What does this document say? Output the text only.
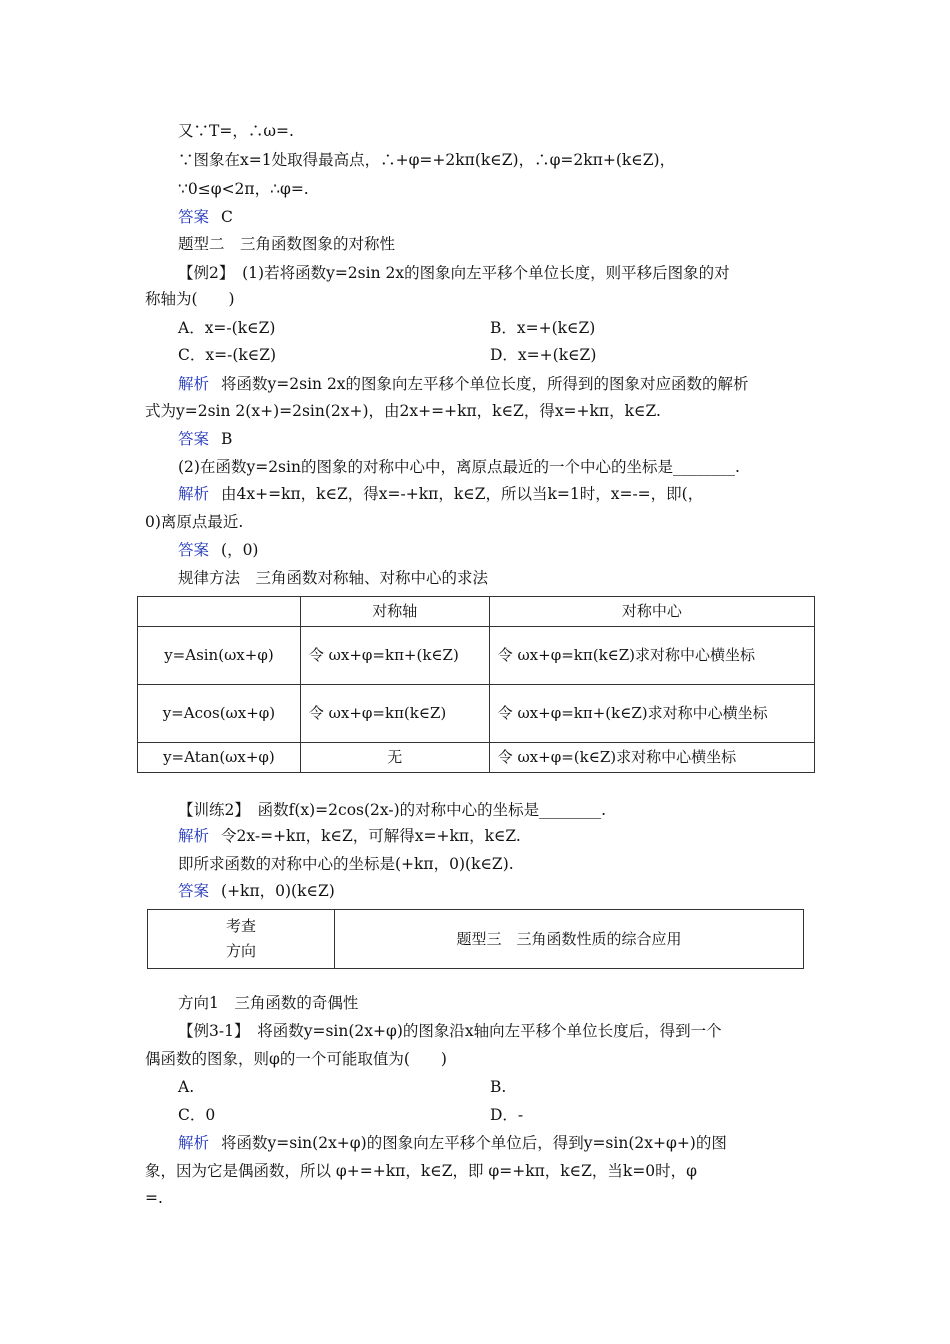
又∵T=，∴ω=.
∵图象在x=1处取得最高点，∴+φ=+2kπ(k∈Z)，∴φ=2kπ+(k∈Z)，
∵0≤φ<2π，∴φ=.
答案 C
题型二　三角函数图象的对称性
【例2】　(1)若将函数y=2sin 2x的图象向左平移个单位长度，则平移后图象的对
称轴为(　　)
A．x=-(k∈Z)	B．x=+(k∈Z)
C．x=-(k∈Z)	D．x=+(k∈Z)
解析 将函数y=2sin 2x的图象向左平移个单位长度，所得到的图象对应函数的解析
式为y=2sin 2(x+)=2sin(2x+)，由2x+=+kπ，k∈Z，得x=+kπ，k∈Z.
答案 B
(2)在函数y=2sin的图象的对称中心中，离原点最近的一个中心的坐标是________.
解析 由4x+=kπ，k∈Z，得x=-+kπ，k∈Z，所以当k=1时，x=-=，即(，
0)离原点最近.
答案 (，0)
规律方法　三角函数对称轴、对称中心的求法
	对称轴	对称中心
y=Asin(ωx+φ)	令 ωx+φ=kπ+(k∈Z)	令 ωx+φ=kπ(k∈Z)求对称中心横坐标
y=Acos(ωx+φ)	令 ωx+φ=kπ(k∈Z)	令 ωx+φ=kπ+(k∈Z)求对称中心横坐标
y=Atan(ωx+φ)	无	令 ωx+φ=(k∈Z)求对称中心横坐标
【训练2】　函数f(x)=2cos(2x-)的对称中心的坐标是________.
解析 令2x-=+kπ，k∈Z，可解得x=+kπ，k∈Z.
即所求函数的对称中心的坐标是(+kπ，0)(k∈Z).
答案 (+kπ，0)(k∈Z)
考查
方向
	题型三　三角函数性质的综合应用
方向1　三角函数的奇偶性
【例3-1】　将函数y=sin(2x+φ)的图象沿x轴向左平移个单位长度后，得到一个
偶函数的图象，则φ的一个可能取值为(　　)
A.	B.
C．0	D．-
解析 将函数y=sin(2x+φ)的图象向左平移个单位后，得到y=sin(2x+φ+)的图
象，因为它是偶函数，所以 φ+=+kπ，k∈Z，即 φ=+kπ，k∈Z，当k=0时，φ
=.
